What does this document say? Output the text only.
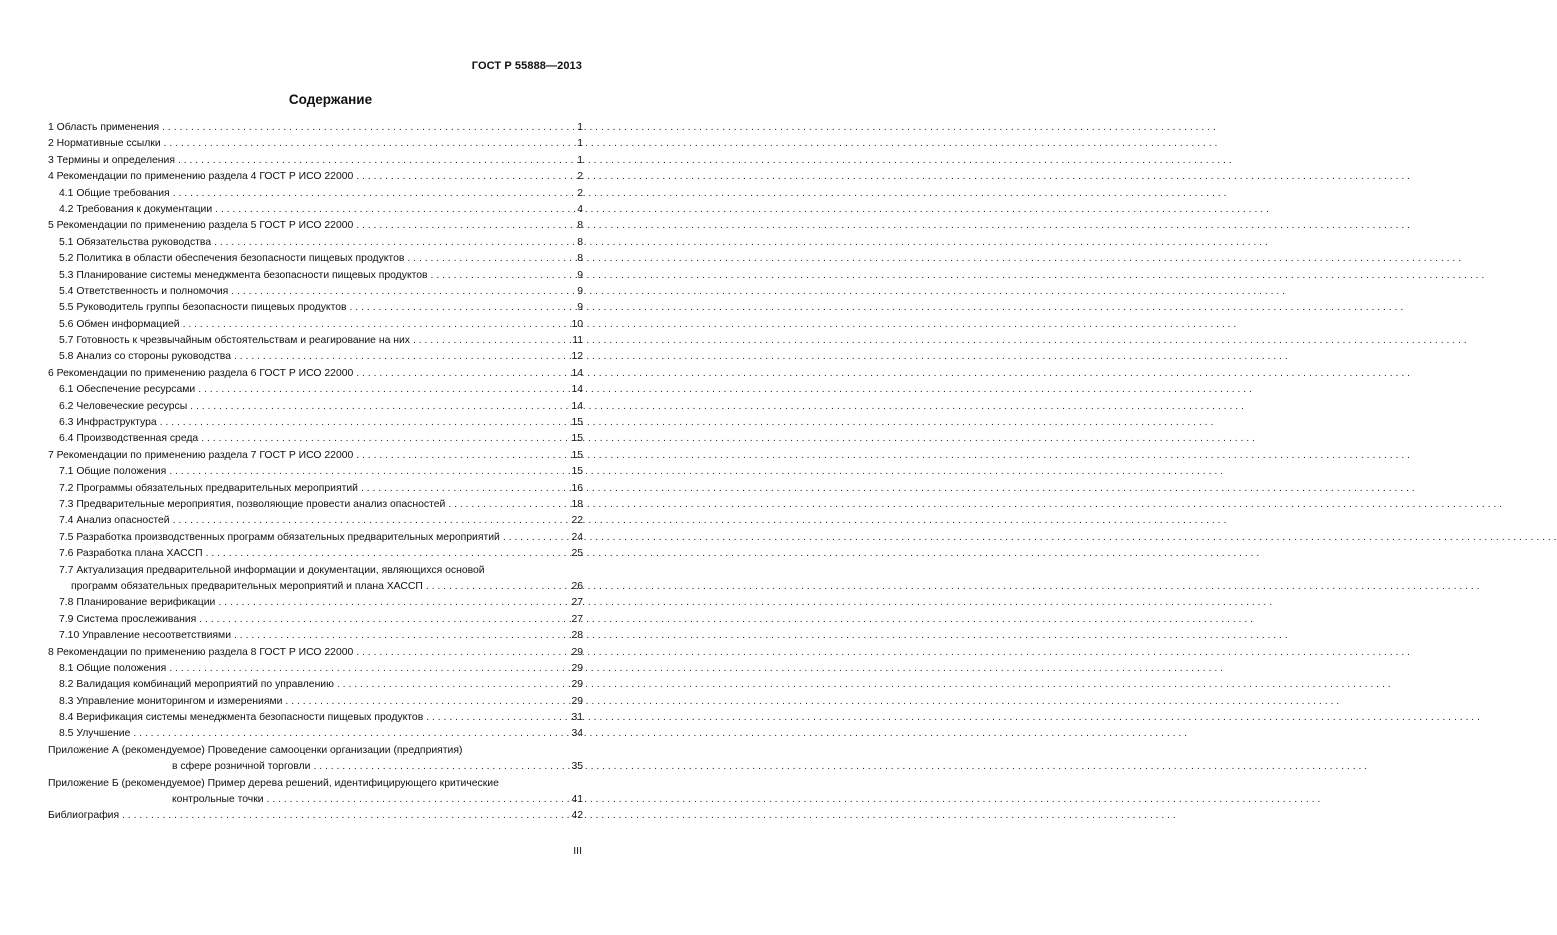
ГОСТ Р 55888—2013
Содержание
1 Область применения . . .	1
2 Нормативные ссылки . . .	1
3 Термины и определения . . .	1
4 Рекомендации по применению раздела 4 ГОСТ Р ИСО 22000 . . .	2
4.1 Общие требования . . .	2
4.2 Требования к документации . . .	4
5 Рекомендации по применению раздела 5 ГОСТ Р ИСО 22000 . . .	8
5.1 Обязательства руководства . . .	8
5.2 Политика в области обеспечения безопасности пищевых продуктов . . .	8
5.3 Планирование системы менеджмента безопасности пищевых продуктов . . .	9
5.4 Ответственность и полномочия . . .	9
5.5 Руководитель группы безопасности пищевых продуктов . . .	9
5.6 Обмен информацией . . .	10
5.7 Готовность к чрезвычайным обстоятельствам и реагирование на них . . .	11
5.8 Анализ со стороны руководства . . .	12
6 Рекомендации по применению раздела 6 ГОСТ Р ИСО 22000 . . .	14
6.1 Обеспечение ресурсами . . .	14
6.2 Человеческие ресурсы . . .	14
6.3 Инфраструктура . . .	15
6.4 Производственная среда . . .	15
7 Рекомендации по применению раздела 7 ГОСТ Р ИСО 22000 . . .	15
7.1 Общие положения . . .	15
7.2 Программы обязательных предварительных мероприятий . . .	16
7.3 Предварительные мероприятия, позволяющие провести анализ опасностей . . .	18
7.4 Анализ опасностей . . .	22
7.5 Разработка производственных программ обязательных предварительных мероприятий . . .	24
7.6 Разработка плана ХАССП . . .	25
7.7 Актуализация предварительной информации и документации, являющихся основой
программ обязательных предварительных мероприятий и плана ХАССП . . .	26
7.8 Планирование верификации . . .	27
7.9 Система прослеживания . . .	27
7.10 Управление несоответствиями . . .	28
8 Рекомендации по применению раздела 8 ГОСТ Р ИСО 22000 . . .	29
8.1 Общие положения . . .	29
8.2 Валидация комбинаций мероприятий по управлению . . .	29
8.3 Управление мониторингом и измерениями . . .	29
8.4 Верификация системы менеджмента безопасности пищевых продуктов . . .	31
8.5 Улучшение . . .	34
Приложение А (рекомендуемое) Проведение самооценки организации (предприятия)
в сфере розничной торговли . . .	35
Приложение Б (рекомендуемое) Пример дерева решений, идентифицирующего критические
контрольные точки . . .	41
Библиография . . .	42
III
